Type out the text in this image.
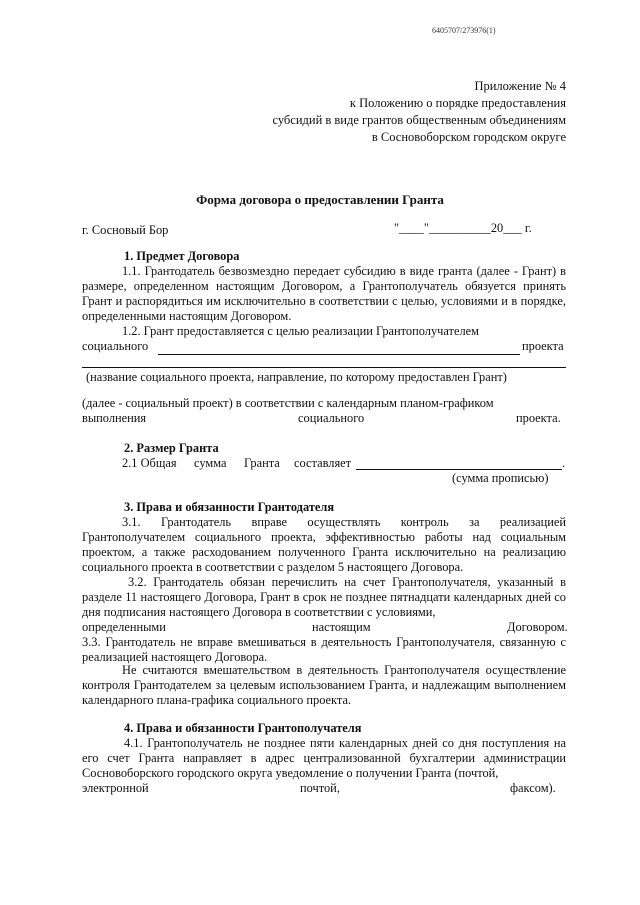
6405707/273976(1)
Приложение № 4
к Положению о порядке предоставления
субсидий в виде грантов общественным объединениям
в Сосновоборском городском округе
Форма договора о предоставлении Гранта
г. Сосновый Бор	"____"__________20___ г.
1. Предмет Договора
1.1. Грантодатель безвозмездно передает субсидию в виде гранта (далее - Грант) в размере, определенном настоящим Договором, а Грантополучатель обязуется принять Грант и распорядиться им исключительно в соответствии с целью, условиями и в порядке, определенными настоящим Договором.
1.2. Грант предоставляется с целью реализации Грантополучателем
социального	проекта
(название социального проекта, направление, по которому предоставлен Грант)
(далее - социальный проект) в соответствии с календарным планом-графиком
выполнения	социального	проекта.
2. Размер Гранта
2.1 Общая сумма Гранта составляет	.
(сумма прописью)
3. Права и обязанности Грантодателя
3.1. Грантодатель вправе осуществлять контроль за реализацией Грантополучателем социального проекта, эффективностью работы над социальным проектом, а также расходованием полученного Гранта исключительно на реализацию социального проекта в соответствии с разделом 5 настоящего Договора.
3.2. Грантодатель обязан перечислить на счет Грантополучателя, указанный в разделе 11 настоящего Договора, Грант в срок не позднее пятнадцати календарных дней со дня подписания настоящего Договора в соответствии с условиями,
определенными	настоящим	Договором.
3.3. Грантодатель не вправе вмешиваться в деятельность Грантополучателя, связанную с реализацией настоящего Договора.
Не считаются вмешательством в деятельность Грантополучателя осуществление контроля Грантодателем за целевым использованием Гранта, и надлежащим выполнением календарного плана-графика социального проекта.
4. Права и обязанности Грантополучателя
4.1. Грантополучатель не позднее пяти календарных дней со дня поступления на его счет Гранта направляет в адрес централизованной бухгалтерии администрации Сосновоборского городского округа уведомление о получении Гранта (почтой,
электронной	почтой,	факсом).
